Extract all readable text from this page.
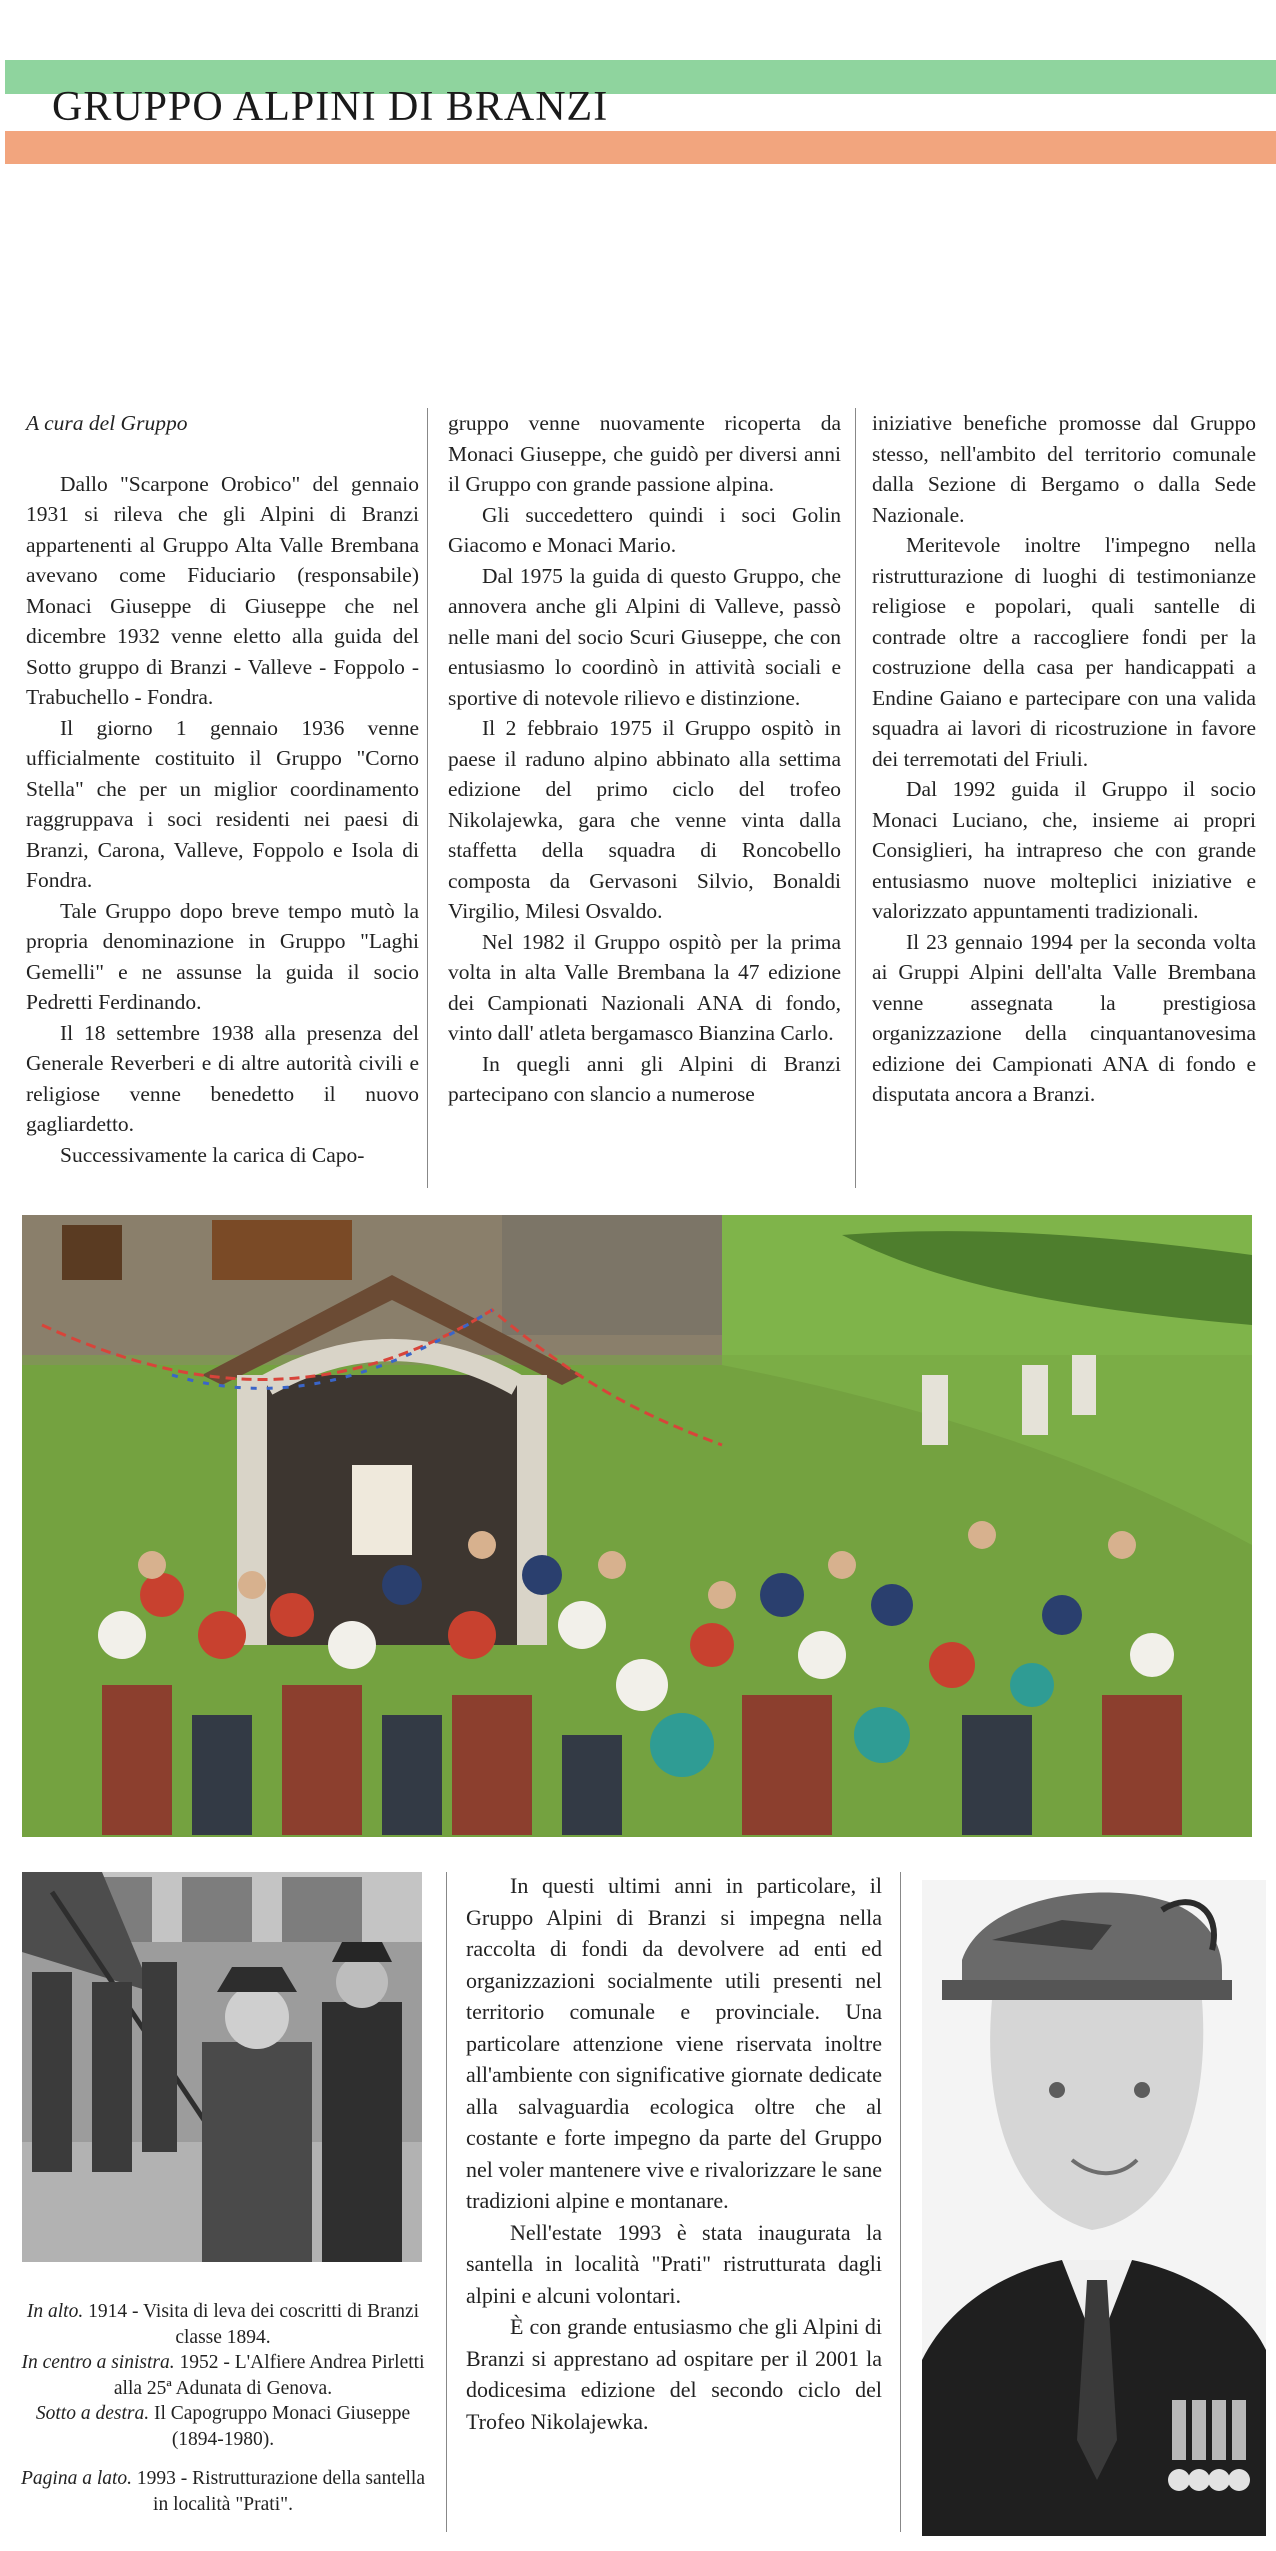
GRUPPO ALPINI DI BRANZI

A cura del Gruppo

Dallo "Scarpone Orobico" del gennaio 1931 si rileva che gli Alpini di Branzi appartenenti al Gruppo Alta Valle Brembana avevano come Fiduciario (responsabile) Monaci Giuseppe di Giuseppe che nel dicembre 1932 venne eletto alla guida del Sotto gruppo di Branzi - Valleve - Foppolo - Trabuchello - Fondra.

Il giorno 1 gennaio 1936 venne ufficialmente costituito il Gruppo "Corno Stella" che per un miglior coordinamento raggruppava i soci residenti nei paesi di Branzi, Carona, Valleve, Foppolo e Isola di Fondra.

Tale Gruppo dopo breve tempo mutò la propria denominazione in Gruppo "Laghi Gemelli" e ne assunse la guida il socio Pedretti Ferdinando.

Il 18 settembre 1938 alla presenza del Generale Reverberi e di altre autorità civili e religiose venne benedetto il nuovo gagliardetto.

Successivamente la carica di Capo-

gruppo venne nuovamente ricoperta da Monaci Giuseppe, che guidò per diversi anni il Gruppo con grande passione alpina.

Gli succedettero quindi i soci Golin Giacomo e Monaci Mario.

Dal 1975 la guida di questo Gruppo, che annovera anche gli Alpini di Valleve, passò nelle mani del socio Scuri Giuseppe, che con entusiasmo lo coordinò in attività sociali e sportive di notevole rilievo e distinzione.

Il 2 febbraio 1975 il Gruppo ospitò in paese il raduno alpino abbinato alla settima edizione del primo ciclo del trofeo Nikolajewka, gara che venne vinta dalla staffetta della squadra di Roncobello composta da Gervasoni Silvio, Bonaldi Virgilio, Milesi Osvaldo.

Nel 1982 il Gruppo ospitò per la prima volta in alta Valle Brembana la 47 edizione dei Campionati Nazionali ANA di fondo, vinto dall' atleta bergamasco Bianzina Carlo.

In quegli anni gli Alpini di Branzi partecipano con slancio a numerose

iniziative benefiche promosse dal Gruppo stesso, nell'ambito del territorio comunale dalla Sezione di Bergamo o dalla Sede Nazionale.

Meritevole inoltre l'impegno nella ristrutturazione di luoghi di testimonianze religiose e popolari, quali santelle di contrade oltre a raccogliere fondi per la costruzione della casa per handicappati a Endine Gaiano e partecipare con una valida squadra ai lavori di ricostruzione in favore dei terremotati del Friuli.

Dal 1992 guida il Gruppo il socio Monaci Luciano, che, insieme ai propri Consiglieri, ha intrapreso che con grande entusiasmo nuove molteplici iniziative e valorizzato appuntamenti tradizionali.

Il 23 gennaio 1994 per la seconda volta ai Gruppi Alpini dell'alta Valle Brembana venne assegnata la prestigiosa organizzazione della cinquantanovesima edizione dei Campionati ANA di fondo e disputata ancora a Branzi.

In questi ultimi anni in particolare, il Gruppo Alpini di Branzi si impegna nella raccolta di fondi da devolvere ad enti ed organizzazioni socialmente utili presenti nel territorio comunale e provinciale. Una particolare attenzione viene riservata inoltre all'ambiente con significative giornate dedicate alla salvaguardia ecologica oltre che al costante e forte impegno da parte del Gruppo nel voler mantenere vive e rivalorizzare le sane tradizioni alpine e montanare.

Nell'estate 1993 è stata inaugurata la santella in località "Prati" ristrutturata dagli alpini e alcuni volontari.

È con grande entusiasmo che gli Alpini di Branzi si apprestano ad ospitare per il 2001 la dodicesima edizione del secondo ciclo del Trofeo Nikolajewka.

In alto. 1914 - Visita di leva dei coscritti di Branzi classe 1894.

In centro a sinistra. 1952 - L'Alfiere Andrea Pirletti alla 25ª Adunata di Genova.

Sotto a destra. Il Capogruppo Monaci Giuseppe (1894-1980).

Pagina a lato. 1993 - Ristrutturazione della santella in località "Prati".
